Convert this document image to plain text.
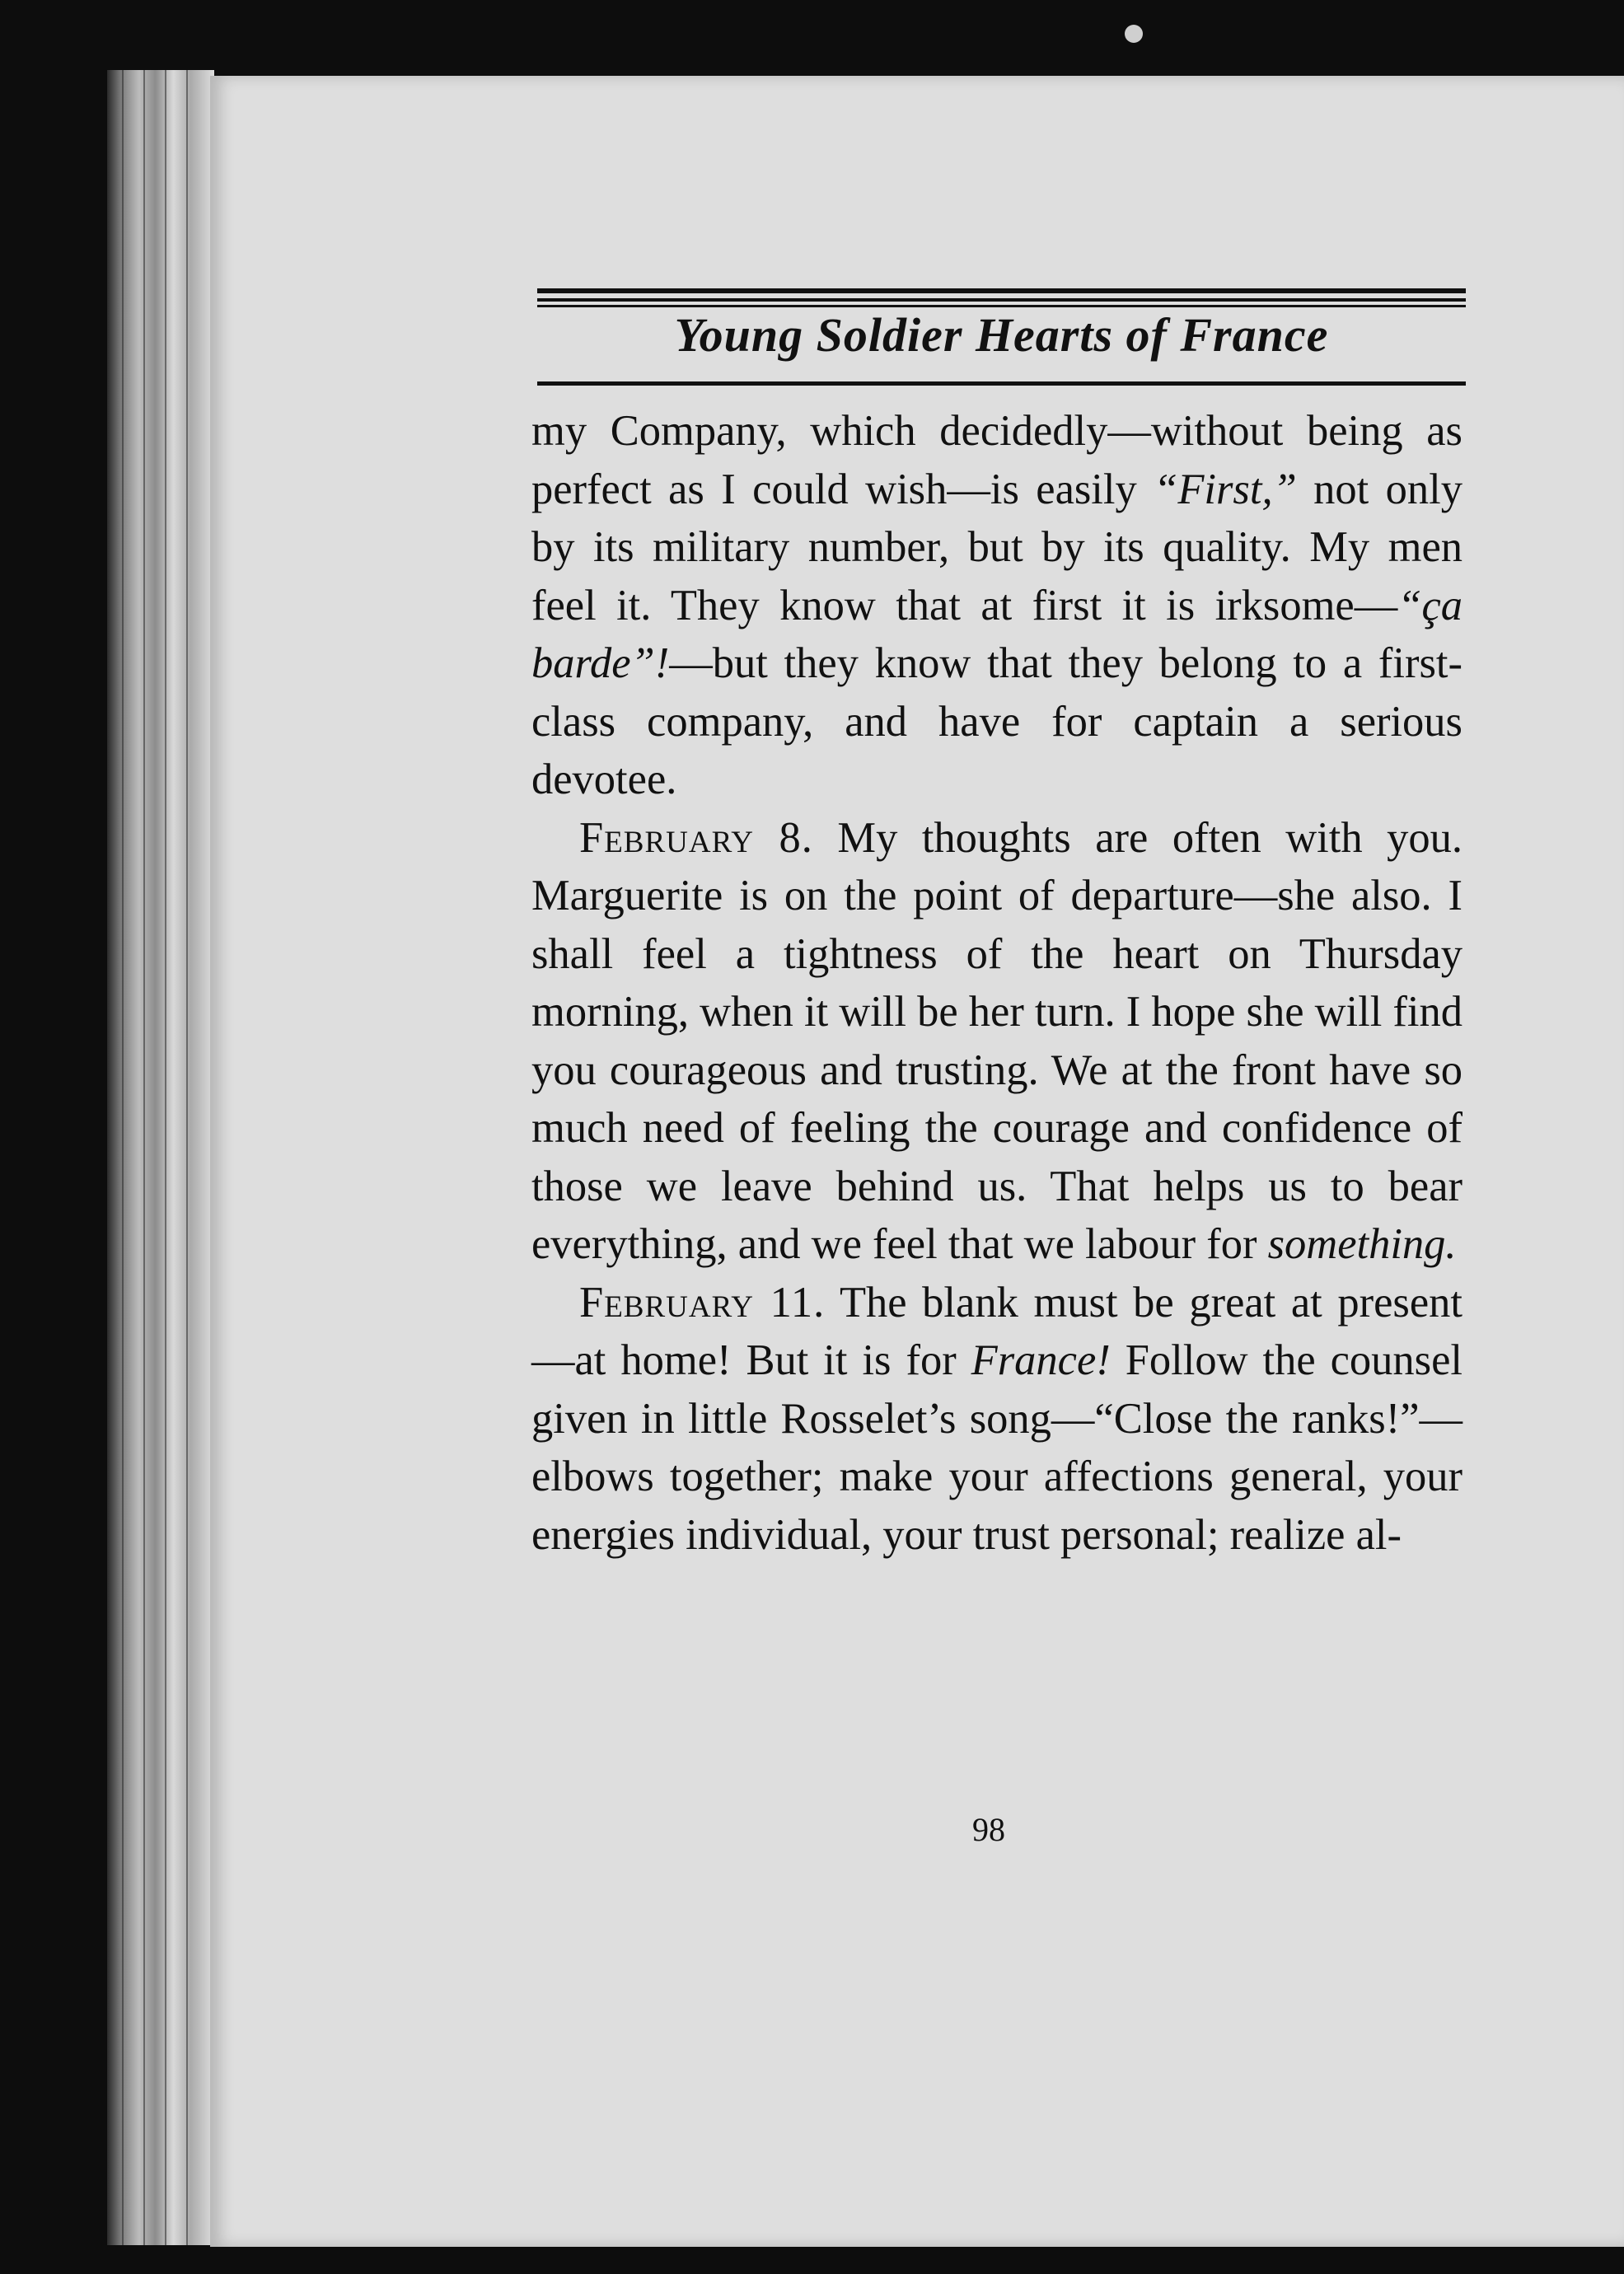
Young Soldier Hearts of France

my Company, which decidedly—without being as perfect as I could wish—is easily “First,” not only by its military number, but by its quality. My men feel it. They know that at first it is irksome—“ça barde”!—but they know that they belong to a first-class company, and have for captain a serious devotee.

February 8. My thoughts are often with you. Marguerite is on the point of departure—she also. I shall feel a tightness of the heart on Thursday morning, when it will be her turn. I hope she will find you courageous and trusting. We at the front have so much need of feeling the courage and confidence of those we leave behind us. That helps us to bear everything, and we feel that we labour for something.

February 11. The blank must be great at present—at home! But it is for France! Follow the counsel given in little Rosselet’s song—“Close the ranks!”—elbows together; make your affections general, your energies individual, your trust personal; realize al-

98
